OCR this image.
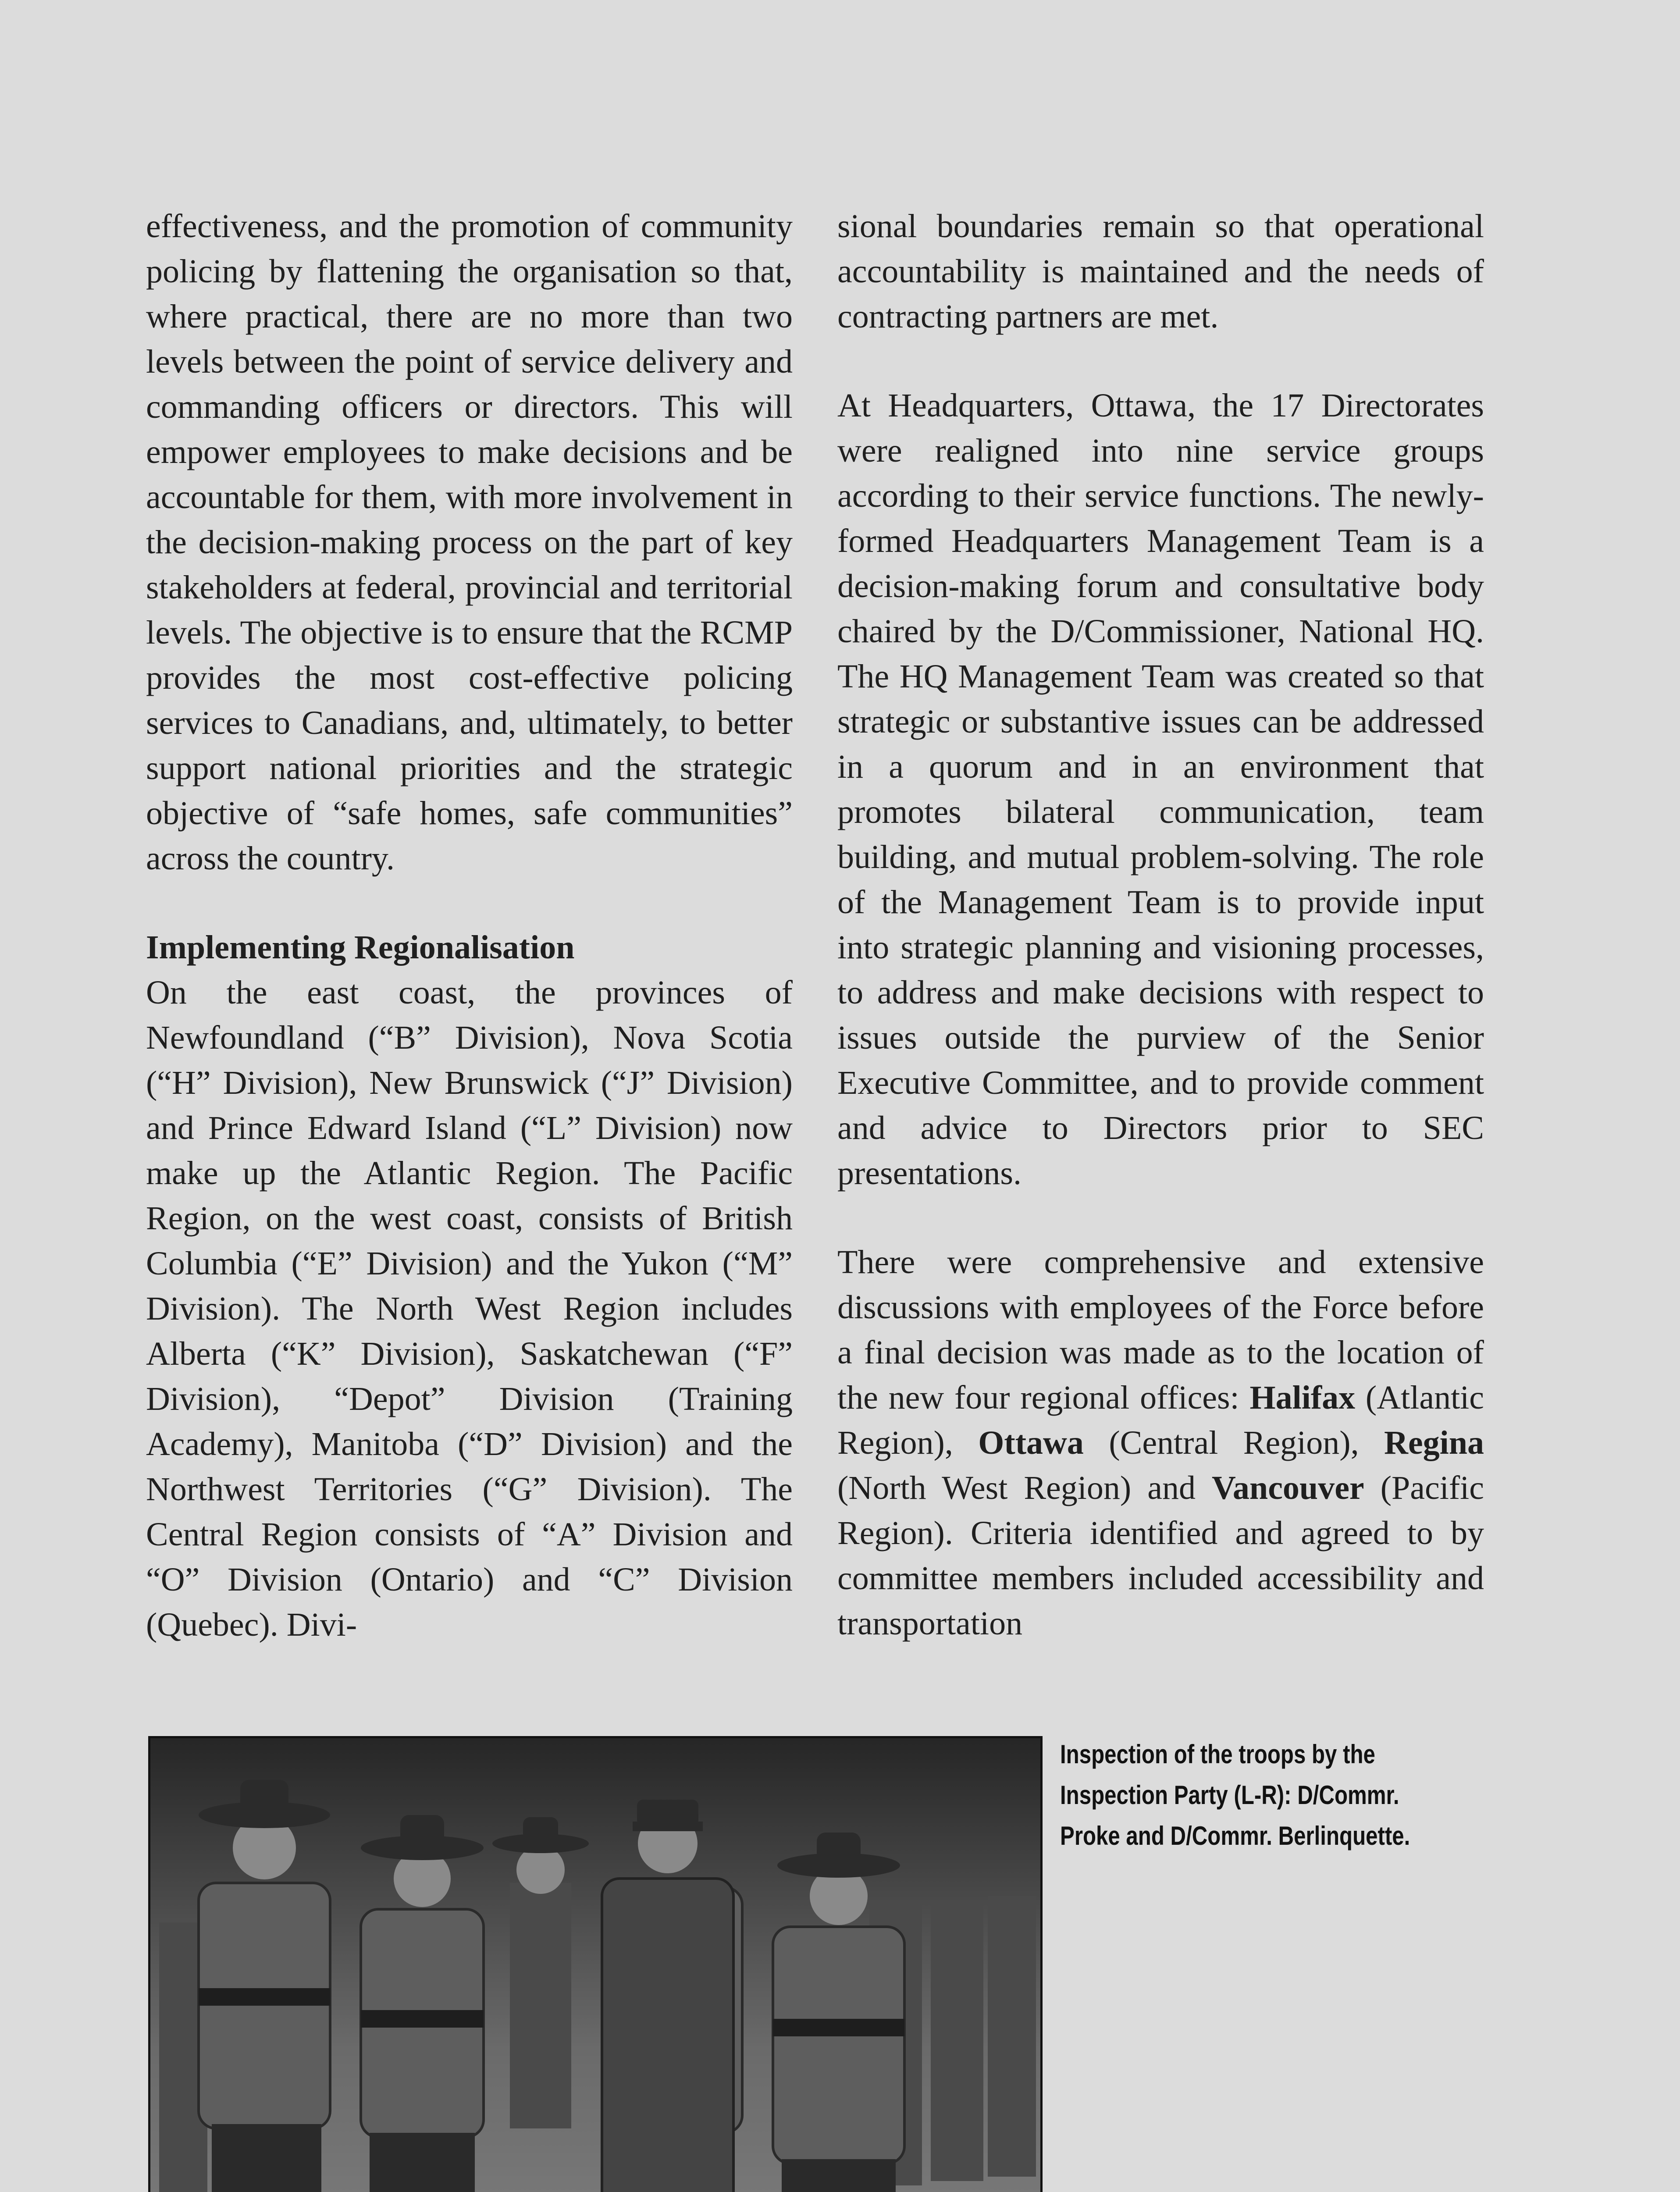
effectiveness, and the promotion of community policing by flattening the organisation so that, where practical, there are no more than two levels between the point of service delivery and commanding officers or directors. This will empower employees to make decisions and be accountable for them, with more involvement in the decision-making process on the part of key stakeholders at federal, provincial and territorial levels. The objective is to ensure that the RCMP provides the most cost-effective policing services to Canadians, and, ultimately, to better support national priorities and the strategic objective of “safe homes, safe communities” across the country.

Implementing Regionalisation
On the east coast, the provinces of Newfoundland (“B” Division), Nova Scotia (“H” Division), New Brunswick (“J” Division) and Prince Edward Island (“L” Division) now make up the Atlantic Region. The Pacific Region, on the west coast, consists of British Columbia (“E” Division) and the Yukon (“M” Division). The North West Region includes Alberta (“K” Division), Saskatchewan (“F” Division), “Depot” Division (Training Academy), Manitoba (“D” Division) and the Northwest Territories (“G” Division). The Central Region consists of “A” Division and “O” Division (Ontario) and “C” Division (Quebec). Divi-

sional boundaries remain so that operational accountability is maintained and the needs of contracting partners are met.

At Headquarters, Ottawa, the 17 Directorates were realigned into nine service groups according to their service functions. The newly-formed Headquarters Management Team is a decision-making forum and consultative body chaired by the D/Commissioner, National HQ. The HQ Management Team was created so that strategic or substantive issues can be addressed in a quorum and in an environment that promotes bilateral communication, team building, and mutual problem-solving. The role of the Management Team is to provide input into strategic planning and visioning processes, to address and make decisions with respect to issues outside the purview of the Senior Executive Committee, and to provide comment and advice to Directors prior to SEC presentations.

There were comprehensive and extensive discussions with employees of the Force before a final decision was made as to the location of the new four regional offices: Halifax (Atlantic Region), Ottawa (Central Region), Regina (North West Region) and Vancouver (Pacific Region). Criteria identified and agreed to by committee members included accessibility and transportation

Inspection of the troops by the Inspection Party (L-R): D/Commr. Proke and D/Commr. Berlinquette.
